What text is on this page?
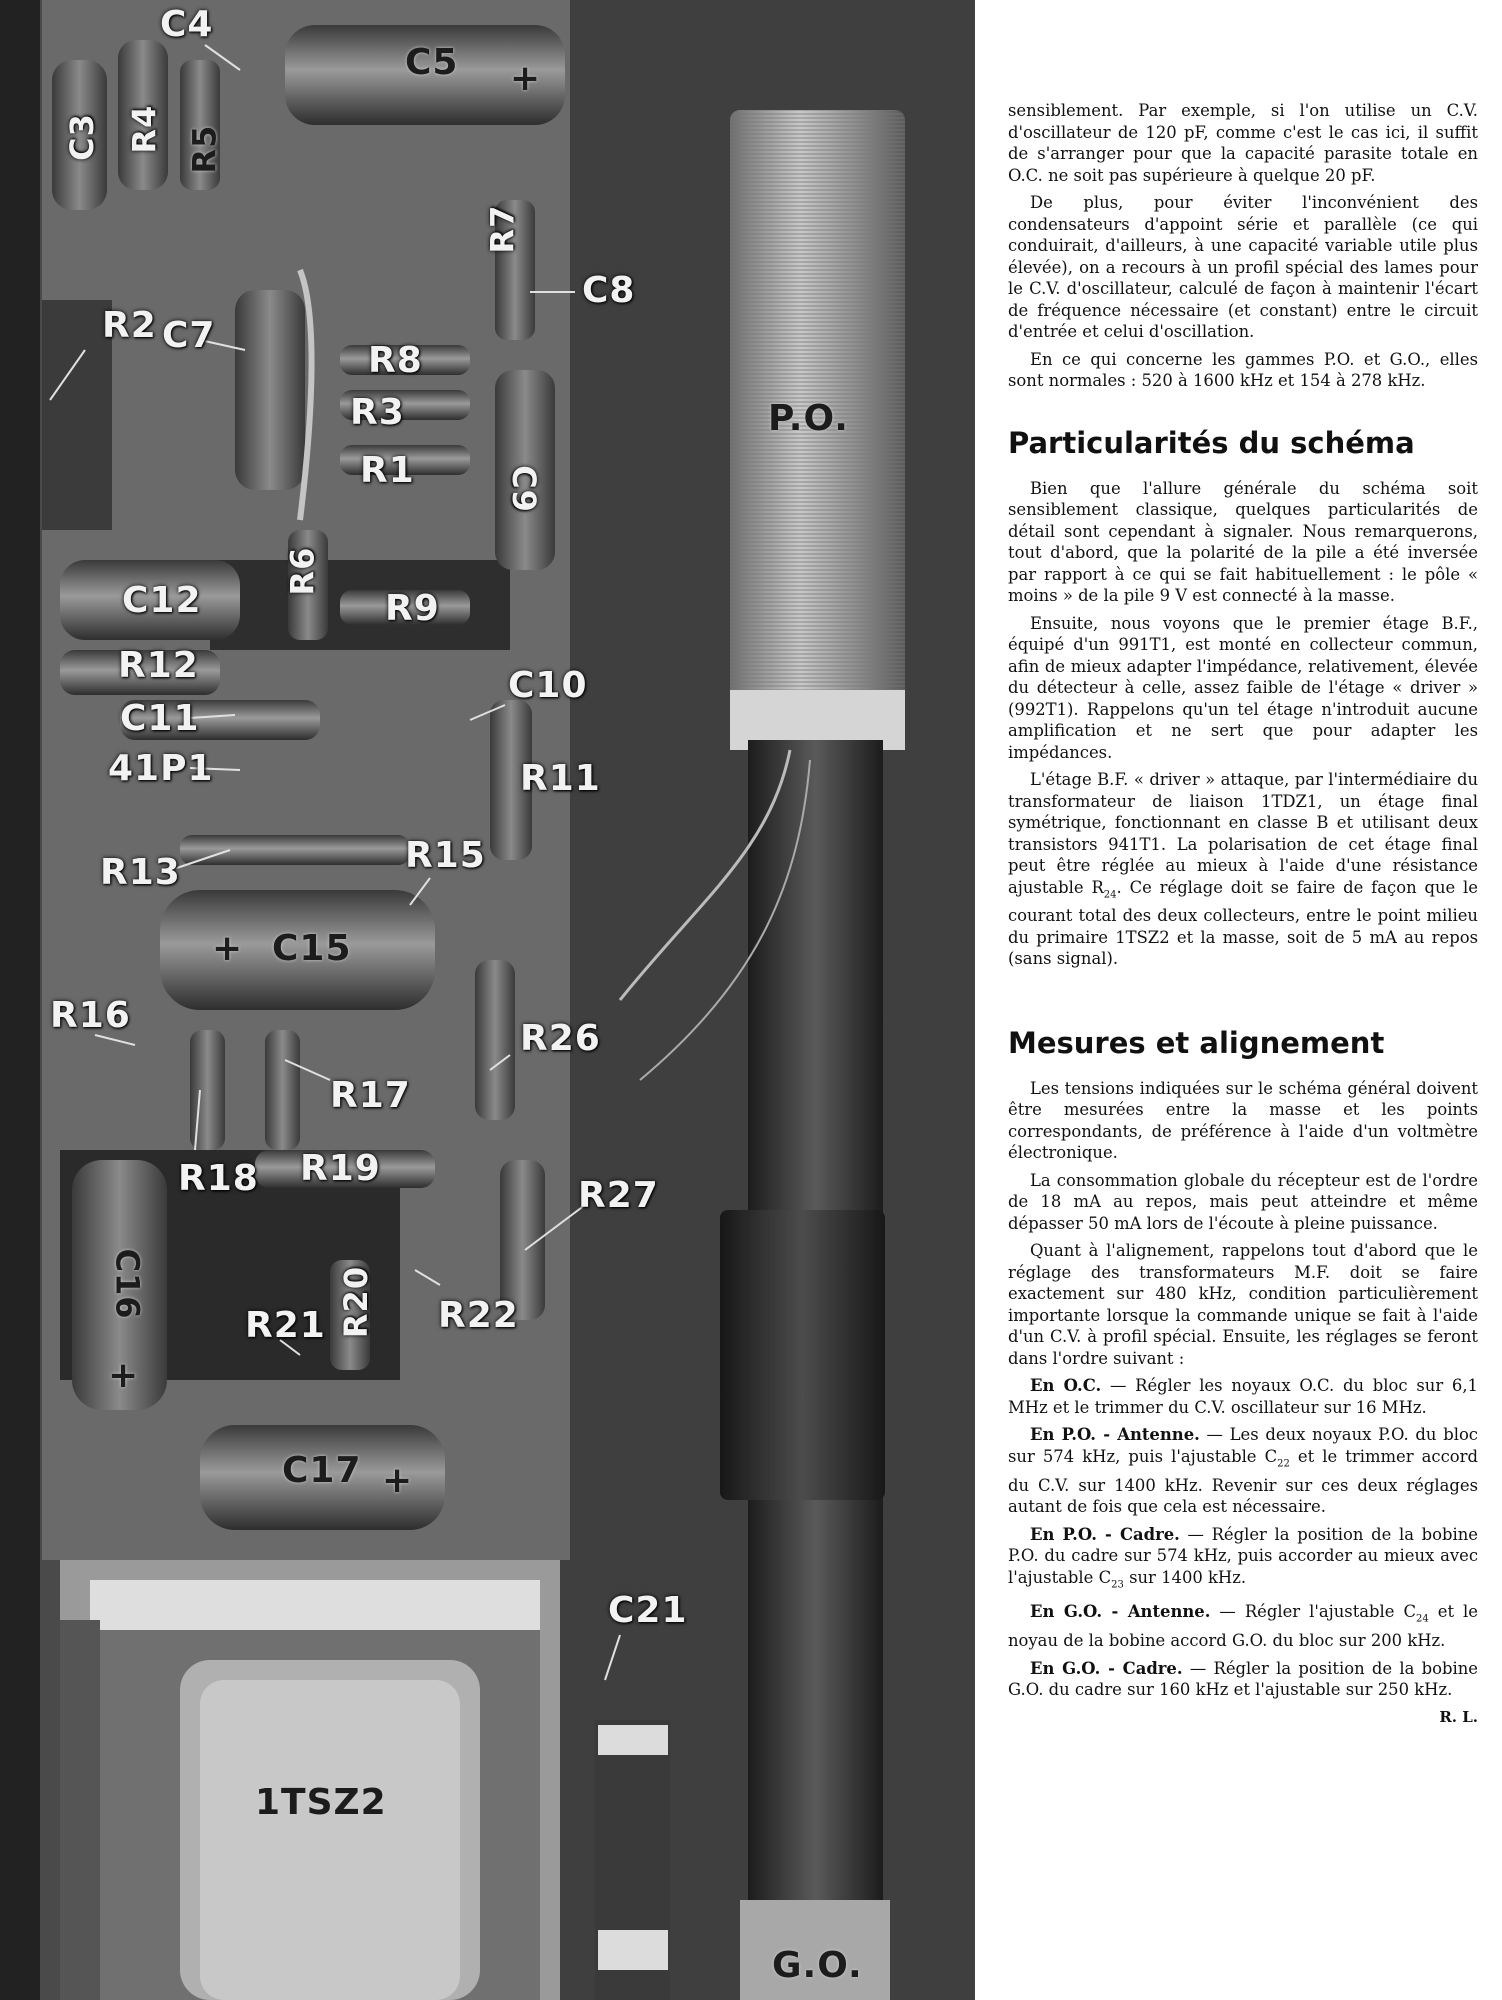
C4
C5 +
C3 R4 R5
R7
C8
R2 C7
R8
R3
R1	C9
R6
R9
C12
R12	C10
C11
41P1	R11
R13	R15
+ C15
R16
R26
R17
R18 R19
R27
C16
+
R21 R20 R22
C17 +
C21
1TSZ2
P.O.
G.O.

sensiblement. Par exemple, si l'on utilise un C.V. d'oscillateur de 120 pF, comme c'est le cas ici, il suffit de s'arranger pour que la capacité parasite totale en O.C. ne soit pas supérieure à quelque 20 pF.

De plus, pour éviter l'inconvénient des condensateurs d'appoint série et parallèle (ce qui conduirait, d'ailleurs, à une capacité variable utile plus élevée), on a recours à un profil spécial des lames pour le C.V. d'oscillateur, calculé de façon à maintenir l'écart de fréquence nécessaire (et constant) entre le circuit d'entrée et celui d'oscillation.

En ce qui concerne les gammes P.O. et G.O., elles sont normales : 520 à 1600 kHz et 154 à 278 kHz.

Particularités du schéma

Bien que l'allure générale du schéma soit sensiblement classique, quelques particularités de détail sont cependant à signaler. Nous remarquerons, tout d'abord, que la polarité de la pile a été inversée par rapport à ce qui se fait habituellement : le pôle « moins » de la pile 9 V est connecté à la masse.

Ensuite, nous voyons que le premier étage B.F., équipé d'un 991T1, est monté en collecteur commun, afin de mieux adapter l'impédance, relativement, élevée du détecteur à celle, assez faible de l'étage « driver » (992T1). Rappelons qu'un tel étage n'introduit aucune amplification et ne sert que pour adapter les impédances.

L'étage B.F. « driver » attaque, par l'intermédiaire du transformateur de liaison 1TDZ1, un étage final symétrique, fonctionnant en classe B et utilisant deux transistors 941T1. La polarisation de cet étage final peut être réglée au mieux à l'aide d'une résistance ajustable $R_{24}$. Ce réglage doit se faire de façon que le courant total des deux collecteurs, entre le point milieu du primaire 1TSZ2 et la masse, soit de 5 mA au repos (sans signal).

Mesures et alignement

Les tensions indiquées sur le schéma général doivent être mesurées entre la masse et les points correspondants, de préférence à l'aide d'un voltmètre électronique.

La consommation globale du récepteur est de l'ordre de 18 mA au repos, mais peut atteindre et même dépasser 50 mA lors de l'écoute à pleine puissance.

Quant à l'alignement, rappelons tout d'abord que le réglage des transformateurs M.F. doit se faire exactement sur 480 kHz, condition particulièrement importante lorsque la commande unique se fait à l'aide d'un C.V. à profil spécial. Ensuite, les réglages se feront dans l'ordre suivant :

En O.C. — Régler les noyaux O.C. du bloc sur 6,1 MHz et le trimmer du C.V. oscillateur sur 16 MHz.

En P.O. - Antenne. — Les deux noyaux P.O. du bloc sur 574 kHz, puis l'ajustable $C_{22}$ et le trimmer accord du C.V. sur 1400 kHz. Revenir sur ces deux réglages autant de fois que cela est nécessaire.

En P.O. - Cadre. — Régler la position de la bobine P.O. du cadre sur 574 kHz, puis accorder au mieux avec l'ajustable $C_{23}$ sur 1400 kHz.

En G.O. - Antenne. — Régler l'ajustable $C_{24}$ et le noyau de la bobine accord G.O. du bloc sur 200 kHz.

En G.O. - Cadre. — Régler la position de la bobine G.O. du cadre sur 160 kHz et l'ajustable sur 250 kHz.

R. L.
